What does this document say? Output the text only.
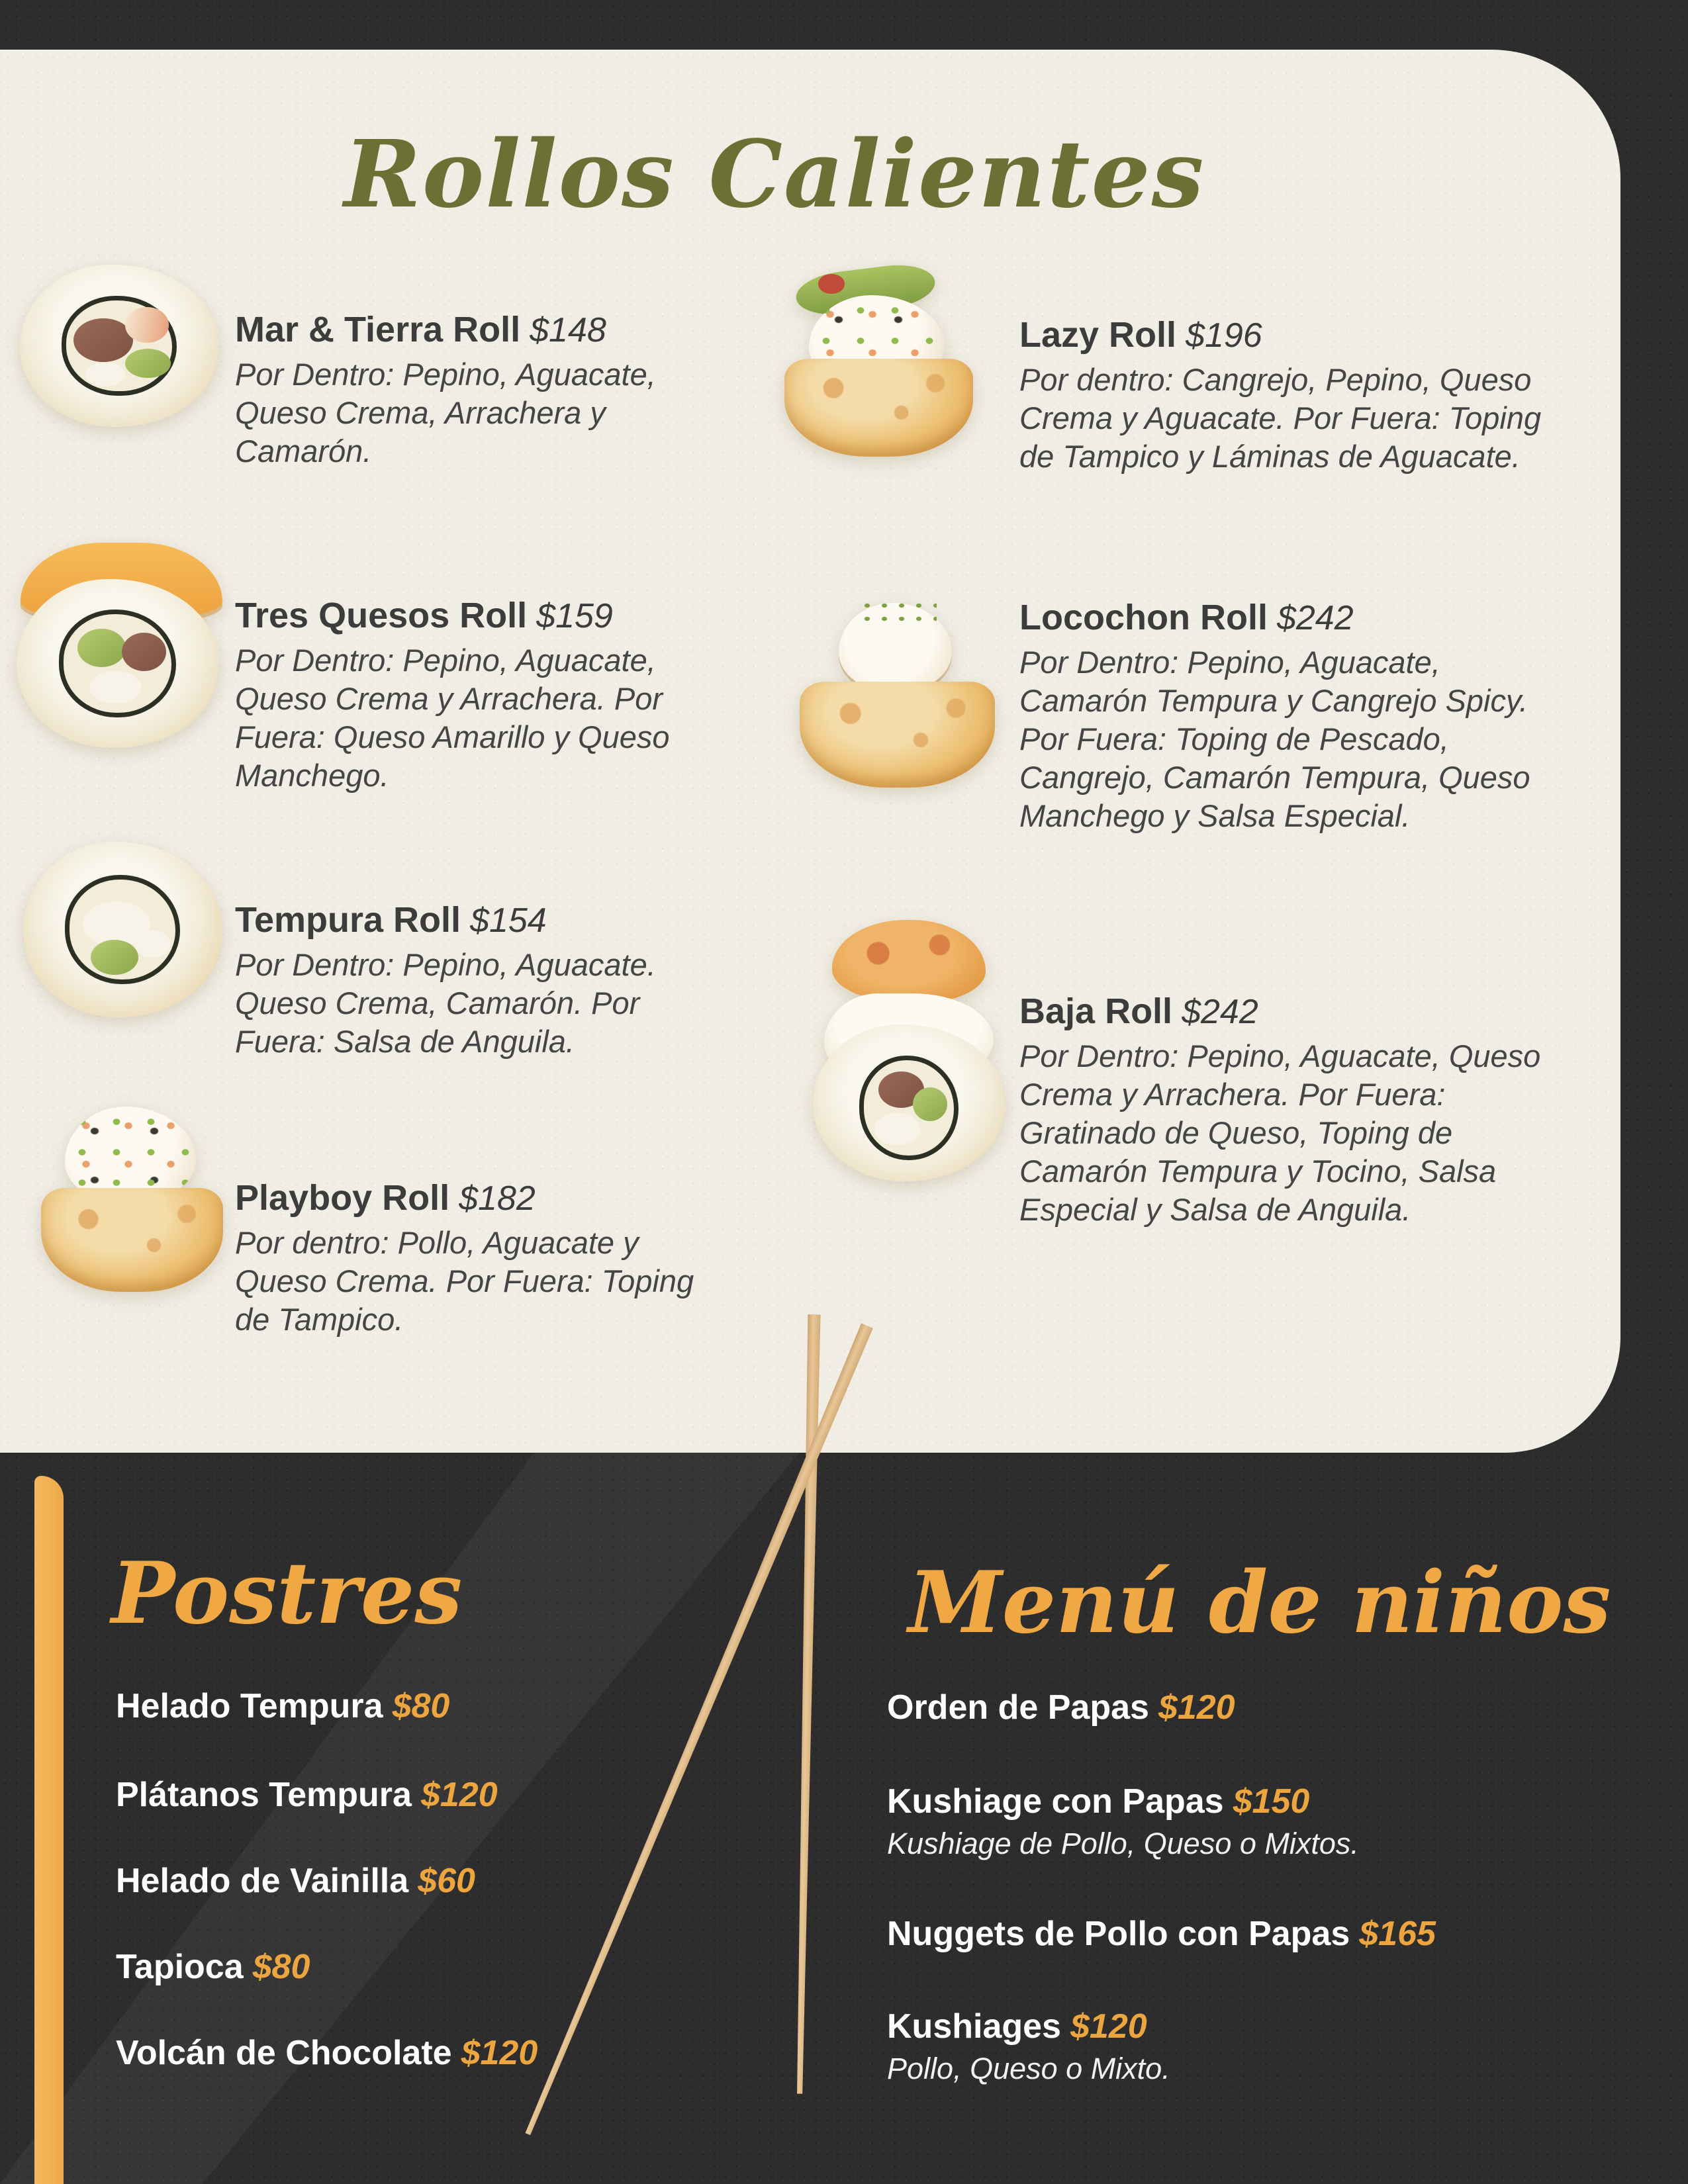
Rollos Calientes
Mar & Tierra Roll $148
Por Dentro: Pepino, Aguacate, Queso Crema, Arrachera y Camarón.
Tres Quesos Roll $159
Por Dentro: Pepino, Aguacate, Queso Crema y Arrachera. Por Fuera: Queso Amarillo y Queso Manchego.
Tempura Roll $154
Por Dentro: Pepino, Aguacate. Queso Crema, Camarón. Por Fuera: Salsa de Anguila.
Playboy Roll $182
Por dentro: Pollo, Aguacate y Queso Crema. Por Fuera: Toping de Tampico.
Lazy Roll $196
Por dentro: Cangrejo, Pepino, Queso Crema y Aguacate. Por Fuera: Toping de Tampico y Láminas de Aguacate.
Locochon Roll $242
Por Dentro: Pepino, Aguacate, Camarón Tempura y Cangrejo Spicy. Por Fuera: Toping de Pescado, Cangrejo, Camarón Tempura, Queso Manchego y Salsa Especial.
Baja Roll $242
Por Dentro: Pepino, Aguacate, Queso Crema y Arrachera. Por Fuera: Gratinado de Queso, Toping de Camarón Tempura y Tocino, Salsa Especial y Salsa de Anguila.
Postres
Helado Tempura $80
Plátanos Tempura $120
Helado de Vainilla $60
Tapioca $80
Volcán de Chocolate $120
Menú de niños
Orden de Papas $120
Kushiage con Papas $150
Kushiage de Pollo, Queso o Mixtos.
Nuggets de Pollo con Papas $165
Kushiages $120
Pollo, Queso o Mixto.
